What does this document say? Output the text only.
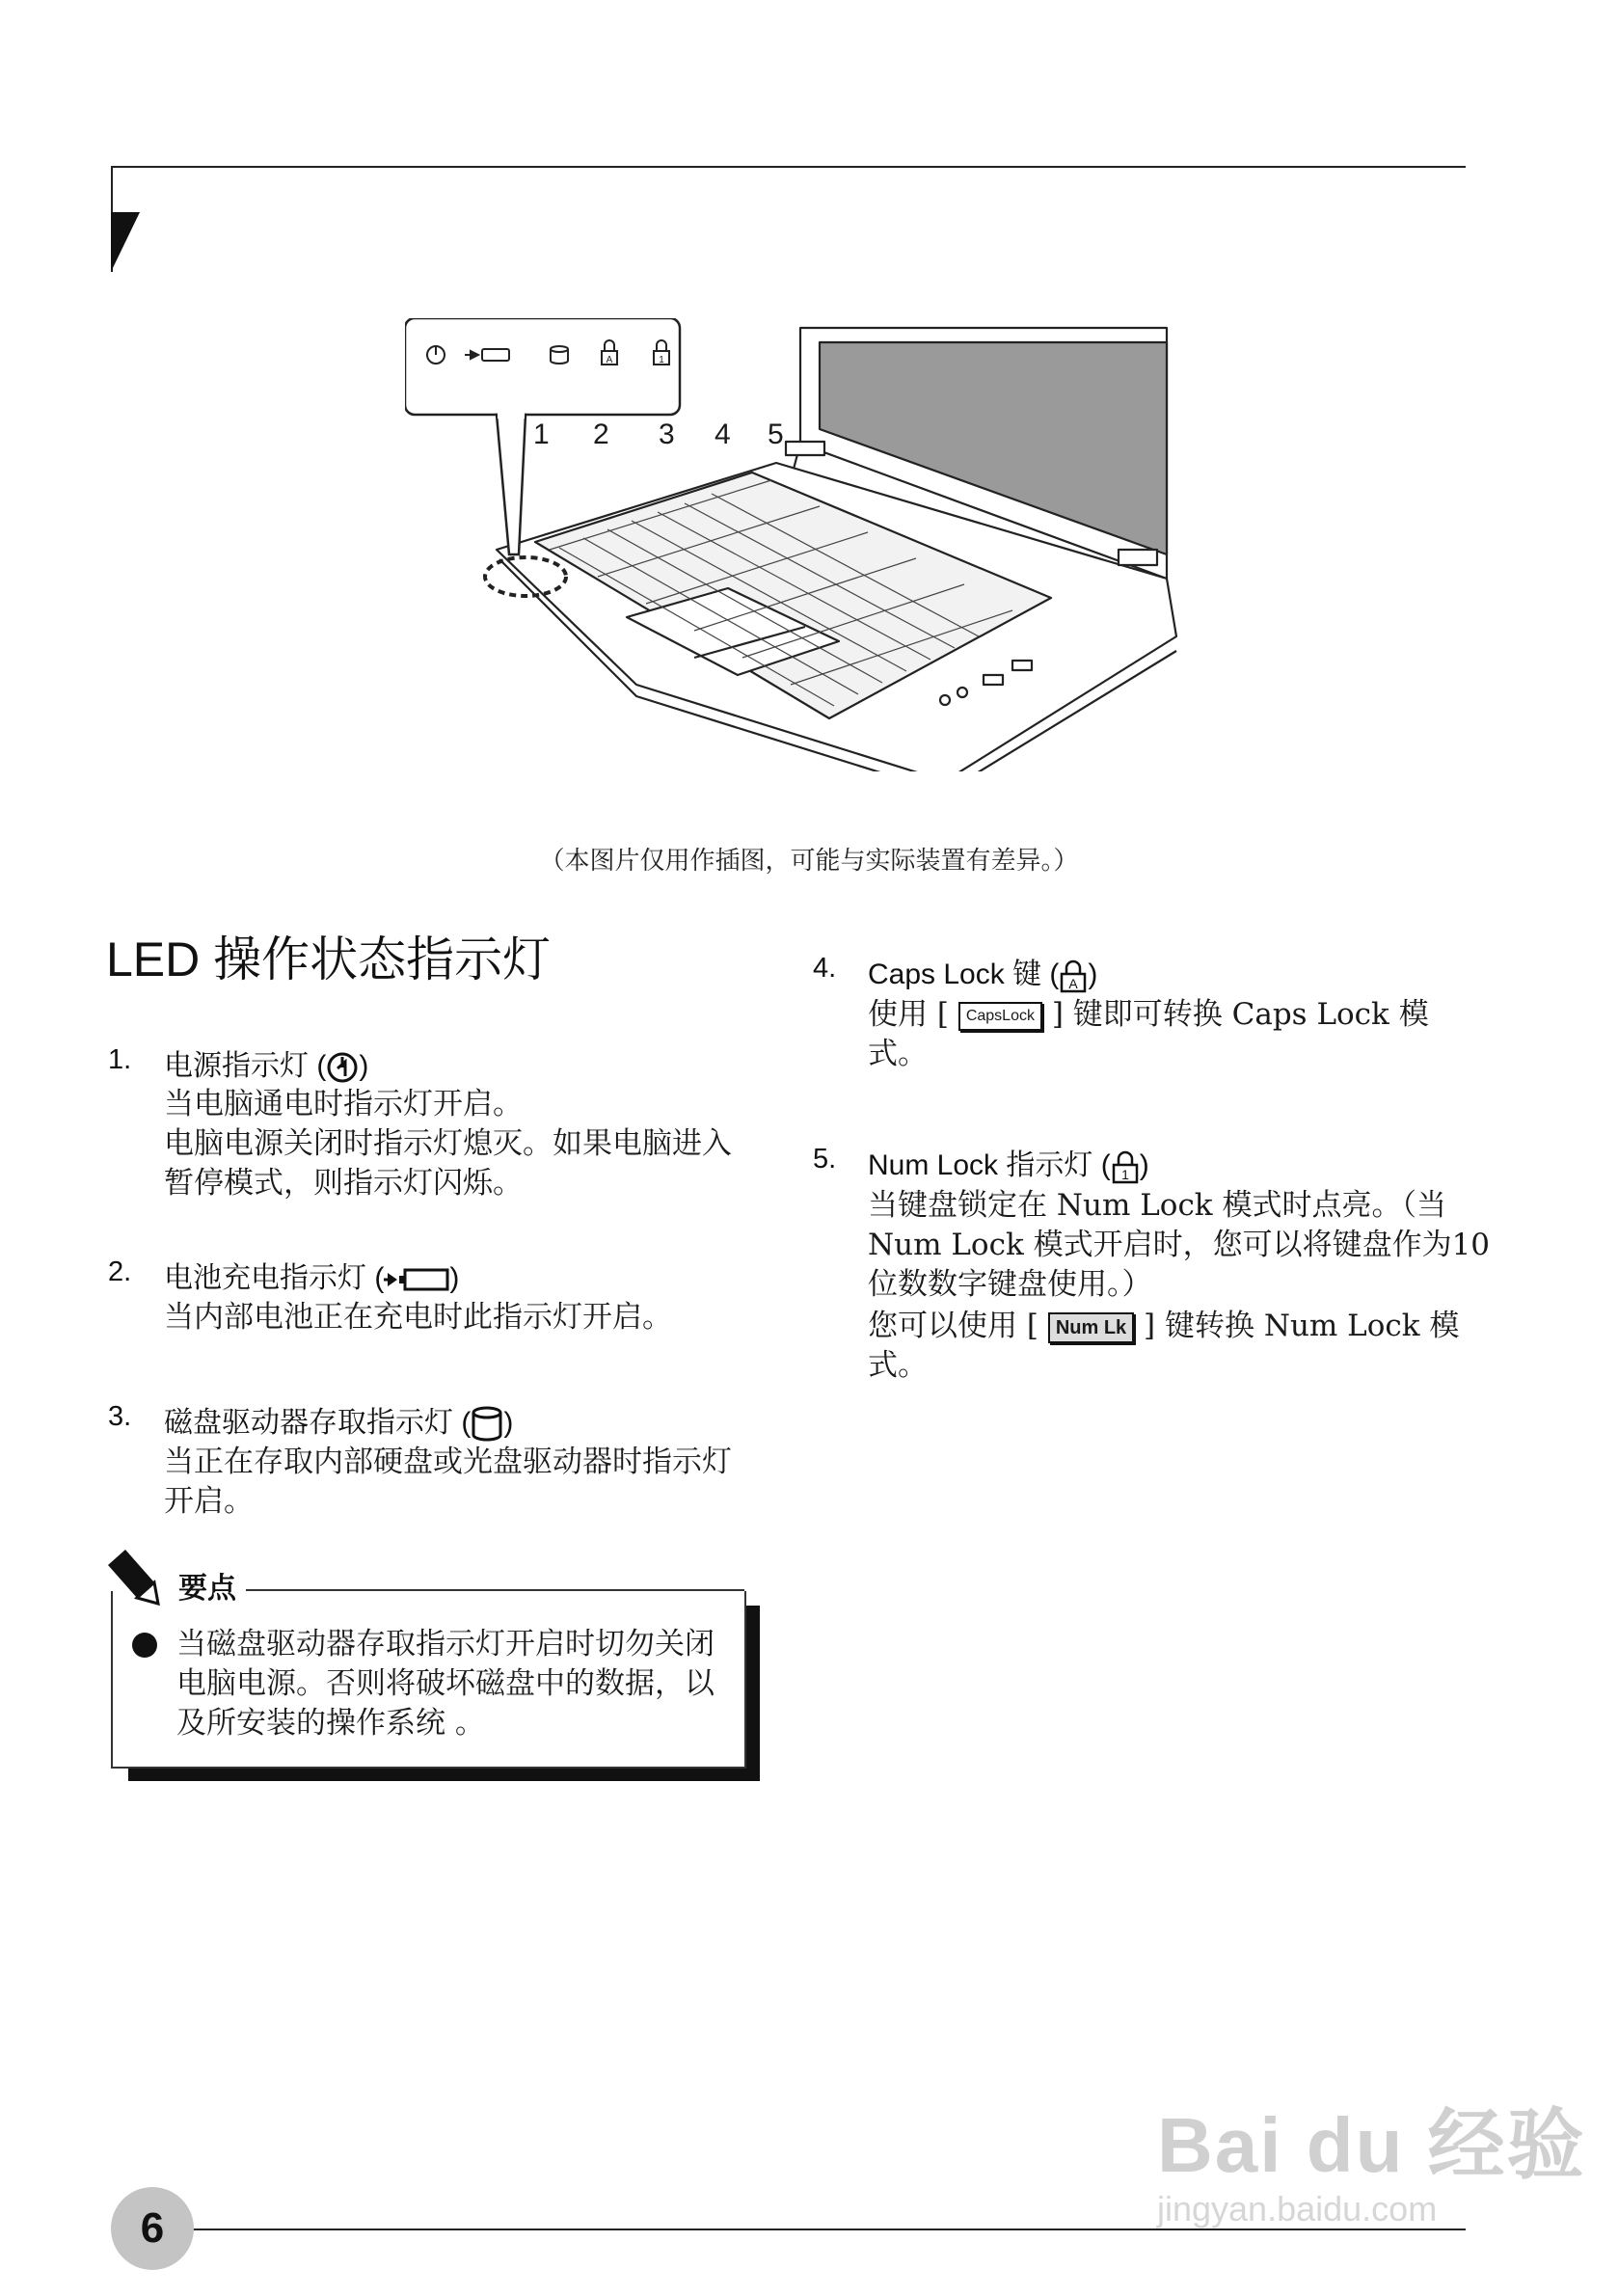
A	1
1 2 3 4 5
（本图片仅用作插图，可能与实际装置有差异。）
LED 操作状态指示灯
1. 电源指示灯 ( )
当电脑通电时指示灯开启。
电脑电源关闭时指示灯熄灭。如果电脑进入
暂停模式，则指示灯闪烁。
2. 电池充电指示灯 ( )
当内部电池正在充电时此指示灯开启。
3. 磁盘驱动器存取指示灯 ( )
当正在存取内部硬盘或光盘驱动器时指示灯
开启。
要点
当磁盘驱动器存取指示灯开启时切勿关闭
电脑电源。否则将破坏磁盘中的数据，以
及所安装的操作系统 。
4. Caps Lock 键 ( A )
使用 [ CapsLock ] 键即可转换 Caps Lock 模
式。
5. Num Lock 指示灯 ( 1 )
当键盘锁定在 Num Lock 模式时点亮。（当
Num Lock 模式开启时，您可以将键盘作为10
位数数字键盘使用。）
您可以使用 [ Num Lk ] 键转换 Num Lock 模
式。
6
Bai du 经验
jingyan.baidu.com
